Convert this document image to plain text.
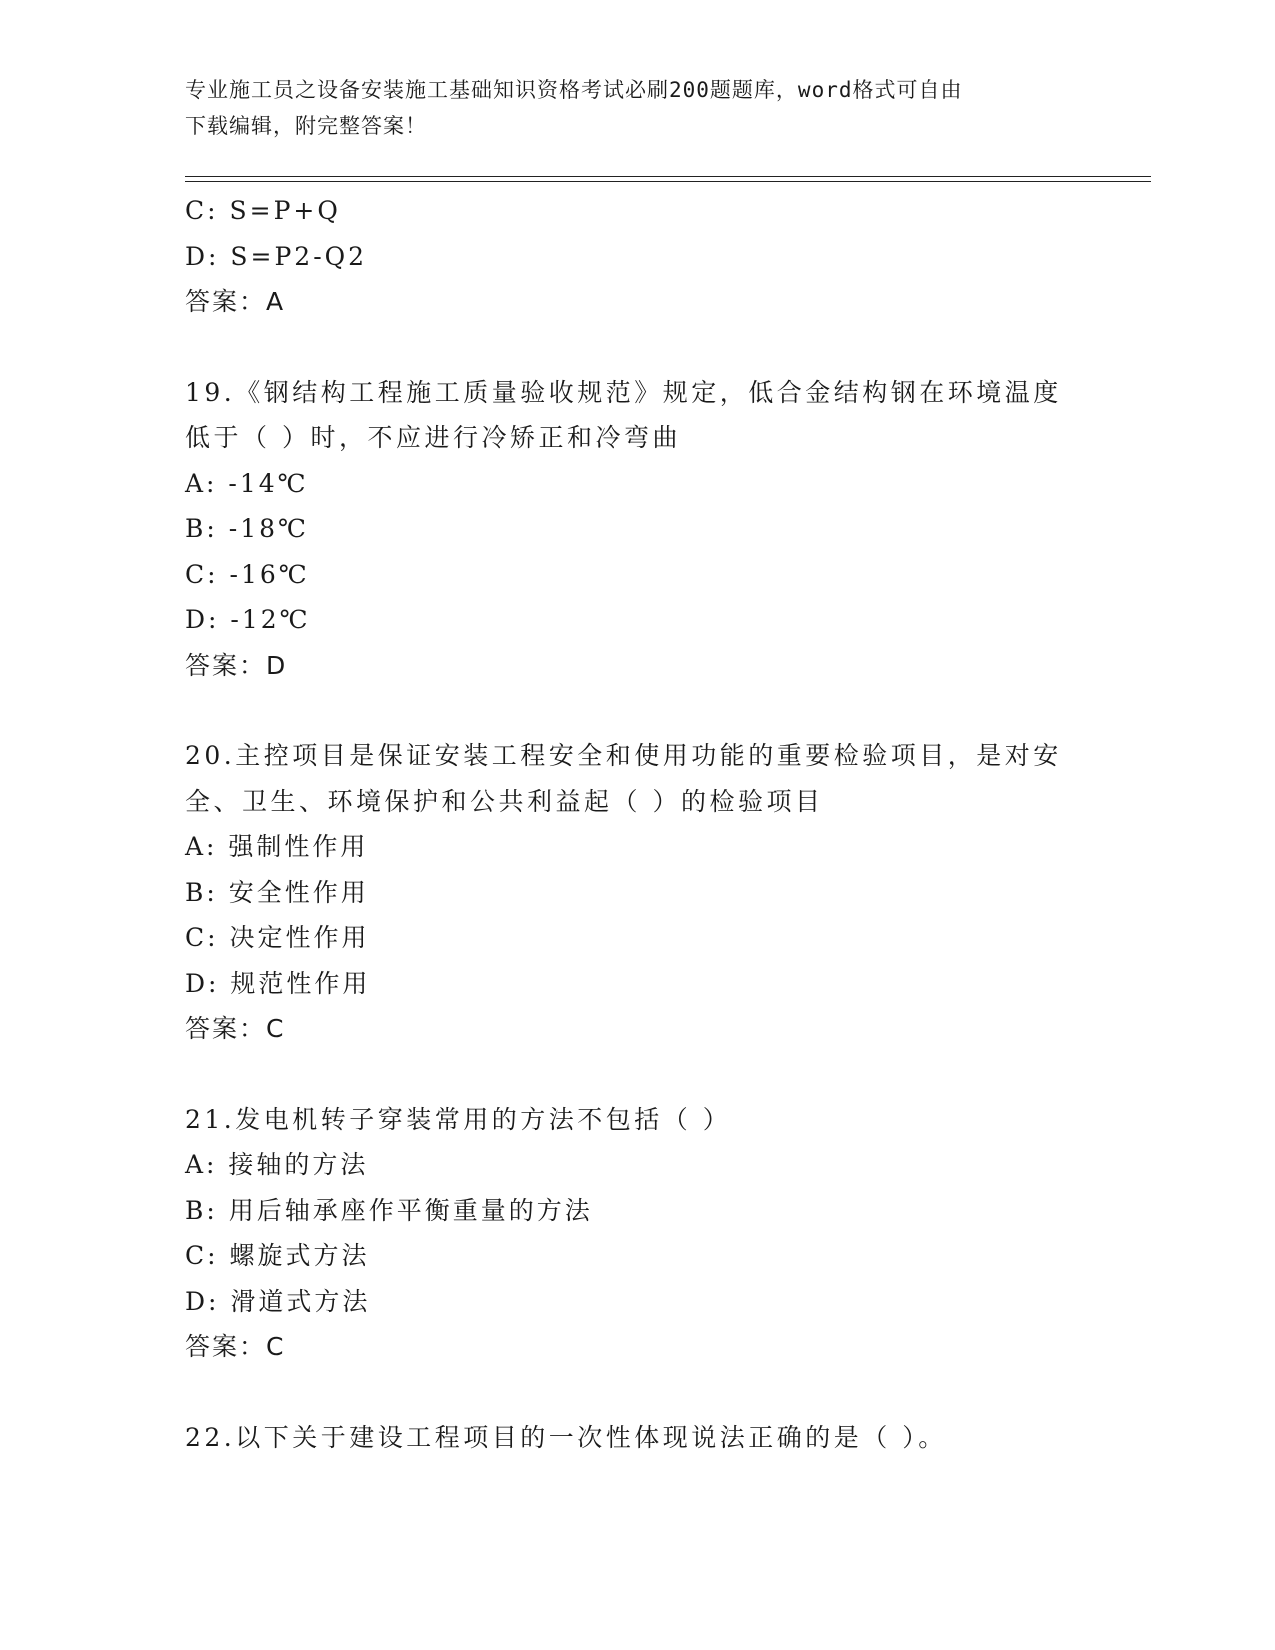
专业施工员之设备安装施工基础知识资格考试必刷200题题库，word格式可自由
下载编辑，附完整答案！
C: S=P+Q
D: S=P2-Q2
答案：A
19.《钢结构工程施工质量验收规范》规定，低合金结构钢在环境温度
低于（ ）时，不应进行冷矫正和冷弯曲
A: -14℃
B: -18℃
C: -16℃
D: -12℃
答案：D
20.主控项目是保证安装工程安全和使用功能的重要检验项目，是对安
全、卫生、环境保护和公共利益起（ ）的检验项目
A: 强制性作用
B: 安全性作用
C: 决定性作用
D: 规范性作用
答案：C
21.发电机转子穿装常用的方法不包括（ ）
A: 接轴的方法
B: 用后轴承座作平衡重量的方法
C: 螺旋式方法
D: 滑道式方法
答案：C
22.以下关于建设工程项目的一次性体现说法正确的是（ ）。
